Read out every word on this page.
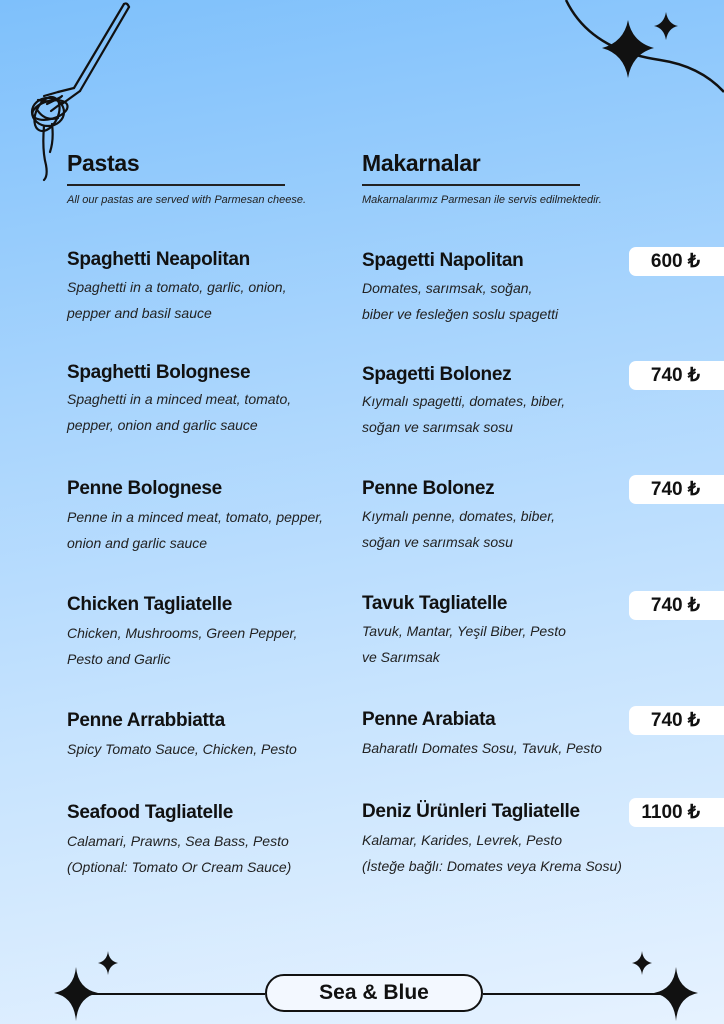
Pastas
All our pastas are served with Parmesan cheese.
Makarnalar
Makarnalarımız Parmesan ile servis edilmektedir.
Spaghetti Neapolitan
Spaghetti in a tomato, garlic, onion,
pepper and basil sauce
Spaghetti Bolognese
Spaghetti in a minced meat, tomato,
pepper, onion and garlic sauce
Penne Bolognese
Penne in a minced meat, tomato, pepper,
onion and garlic sauce
Chicken Tagliatelle
Chicken, Mushrooms, Green Pepper,
Pesto and Garlic
Penne Arrabbiatta
Spicy Tomato Sauce, Chicken, Pesto
Seafood Tagliatelle
Calamari, Prawns, Sea Bass, Pesto
(Optional: Tomato Or Cream Sauce)
Spagetti Napolitan
Domates, sarımsak, soğan,
biber ve fesleğen soslu spagetti
600 ₺
Spagetti Bolonez
Kıymalı spagetti, domates, biber,
soğan ve sarımsak sosu
740 ₺
Penne Bolonez
Kıymalı penne, domates, biber,
soğan ve sarımsak sosu
740 ₺
Tavuk Tagliatelle
Tavuk, Mantar, Yeşil Biber, Pesto
ve Sarımsak
740 ₺
Penne Arabiata
Baharatlı Domates Sosu, Tavuk, Pesto
740 ₺
Deniz Ürünleri Tagliatelle
Kalamar, Karides, Levrek, Pesto
(İsteğe bağlı: Domates veya Krema Sosu)
1100 ₺
Sea & Blue
